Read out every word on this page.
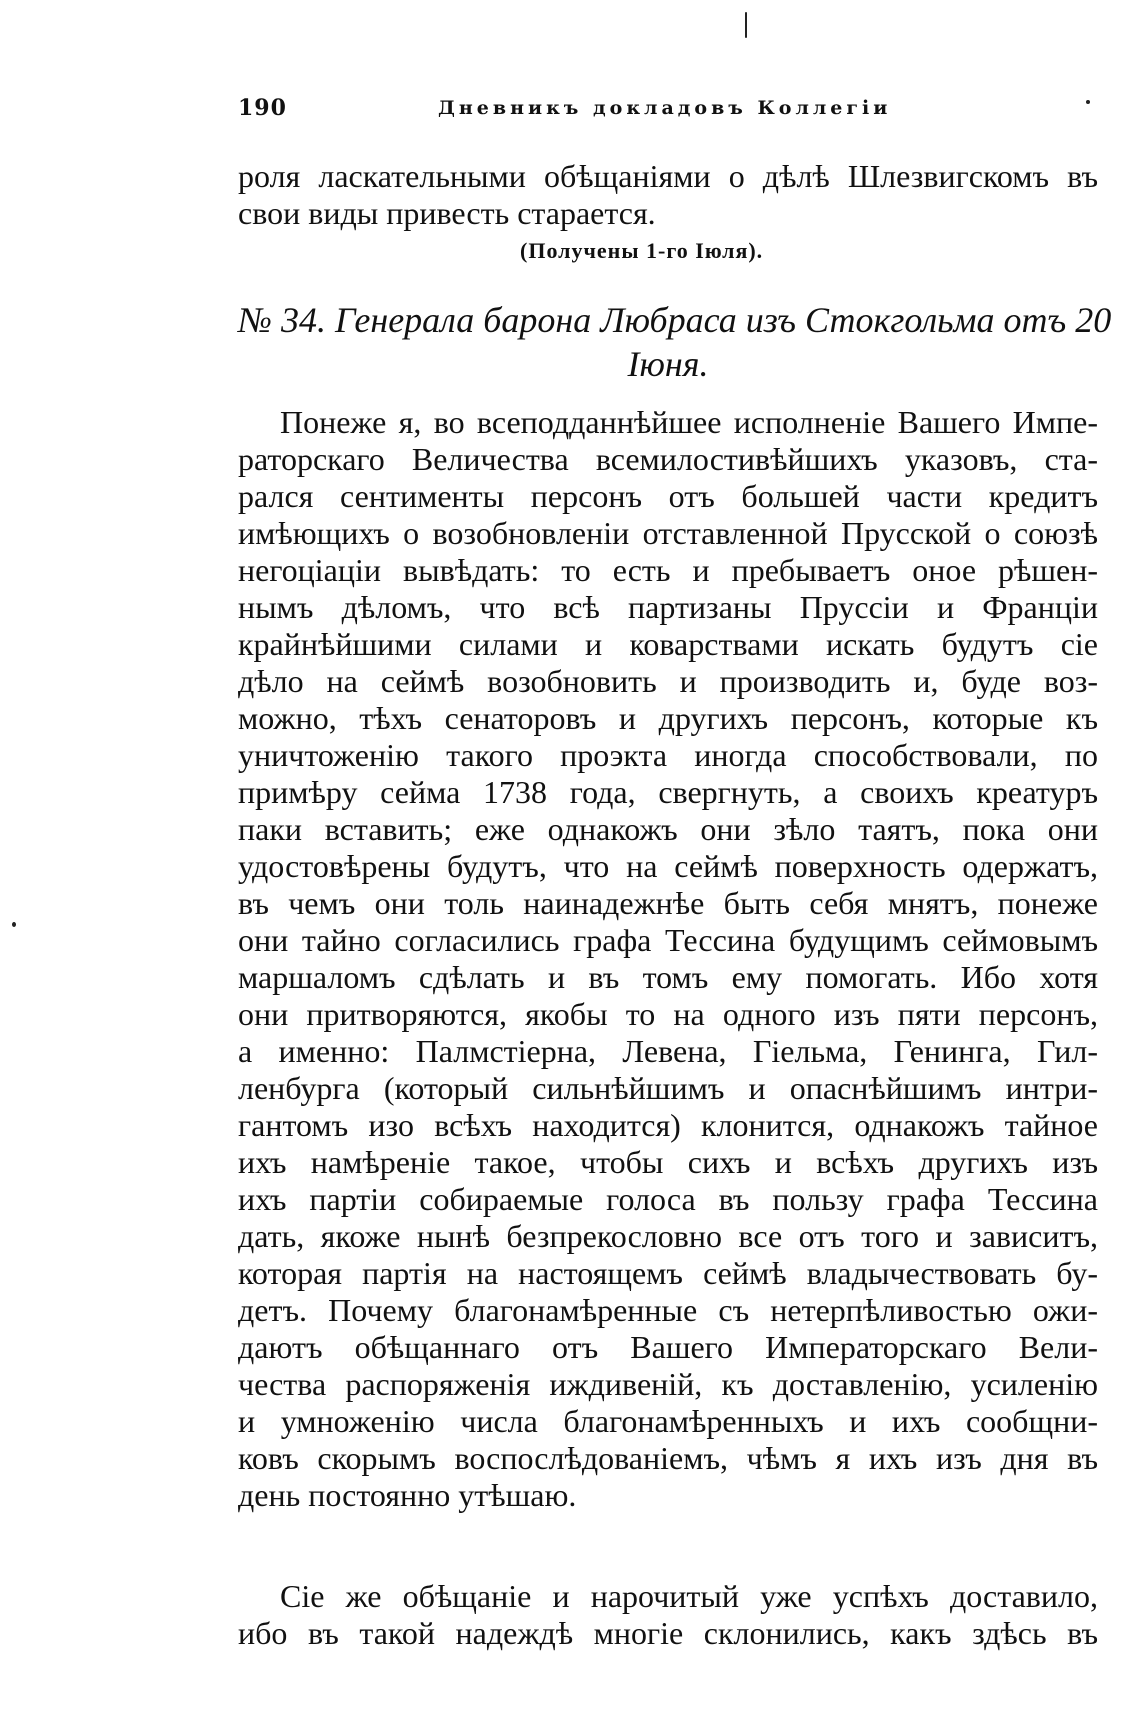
190	Дневникъ докладовъ Коллегіи
роля ласкательными обѣщаніями о дѣлѣ Шлезвигскомъ въ
свои виды привесть старается.
(Получены 1-го Іюля).
№ 34. Генерала барона Любраса изъ Стокгольма отъ 20
Іюня.
Понеже я, во всеподданнѣйшее исполненіе Вашего Импе-
раторскаго Величества всемилостивѣйшихъ указовъ, ста-
рался сентименты персонъ отъ большей части кредитъ
имѣющихъ о возобновленіи отставленной Прусской о союзѣ
негоціаціи вывѣдать: то есть и пребываетъ оное рѣшен-
нымъ дѣломъ, что всѣ партизаны Пруссіи и Франціи
крайнѣйшими силами и коварствами искать будутъ сіе
дѣло на сеймѣ возобновить и производить и, буде воз-
можно, тѣхъ сенаторовъ и другихъ персонъ, которые къ
уничтоженію такого проэкта иногда способствовали, по
примѣру сейма 1738 года, свергнуть, а своихъ креатуръ
паки вставить; еже однакожъ они зѣло таятъ, пока они
удостовѣрены будутъ, что на сеймѣ поверхность одержатъ,
въ чемъ они толь наинадежнѣе быть себя мнятъ, понеже
они тайно согласились графа Тессина будущимъ сеймовымъ
маршаломъ сдѣлать и въ томъ ему помогать. Ибо хотя
они притворяются, якобы то на одного изъ пяти персонъ,
а именно: Палмстіерна, Левена, Гіельма, Генинга, Гил-
ленбурга (который сильнѣйшимъ и опаснѣйшимъ интри-
гантомъ изо всѣхъ находится) клонится, однакожъ тайное
ихъ намѣреніе такое, чтобы сихъ и всѣхъ другихъ изъ
ихъ партіи собираемые голоса въ пользу графа Тессина
дать, якоже нынѣ безпрекословно все отъ того и зависитъ,
которая партія на настоящемъ сеймѣ владычествовать бу-
детъ. Почему благонамѣренные съ нетерпѣливостью ожи-
даютъ обѣщаннаго отъ Вашего Императорскаго Вели-
чества распоряженія иждивеній, къ доставленію, усиленію
и умноженію числа благонамѣренныхъ и ихъ сообщни-
ковъ скорымъ воспослѣдованіемъ, чѣмъ я ихъ изъ дня въ
день постоянно утѣшаю.
Сіе же обѣщаніе и нарочитый уже успѣхъ доставило,
ибо въ такой надеждѣ многіе склонились, какъ здѣсь въ
